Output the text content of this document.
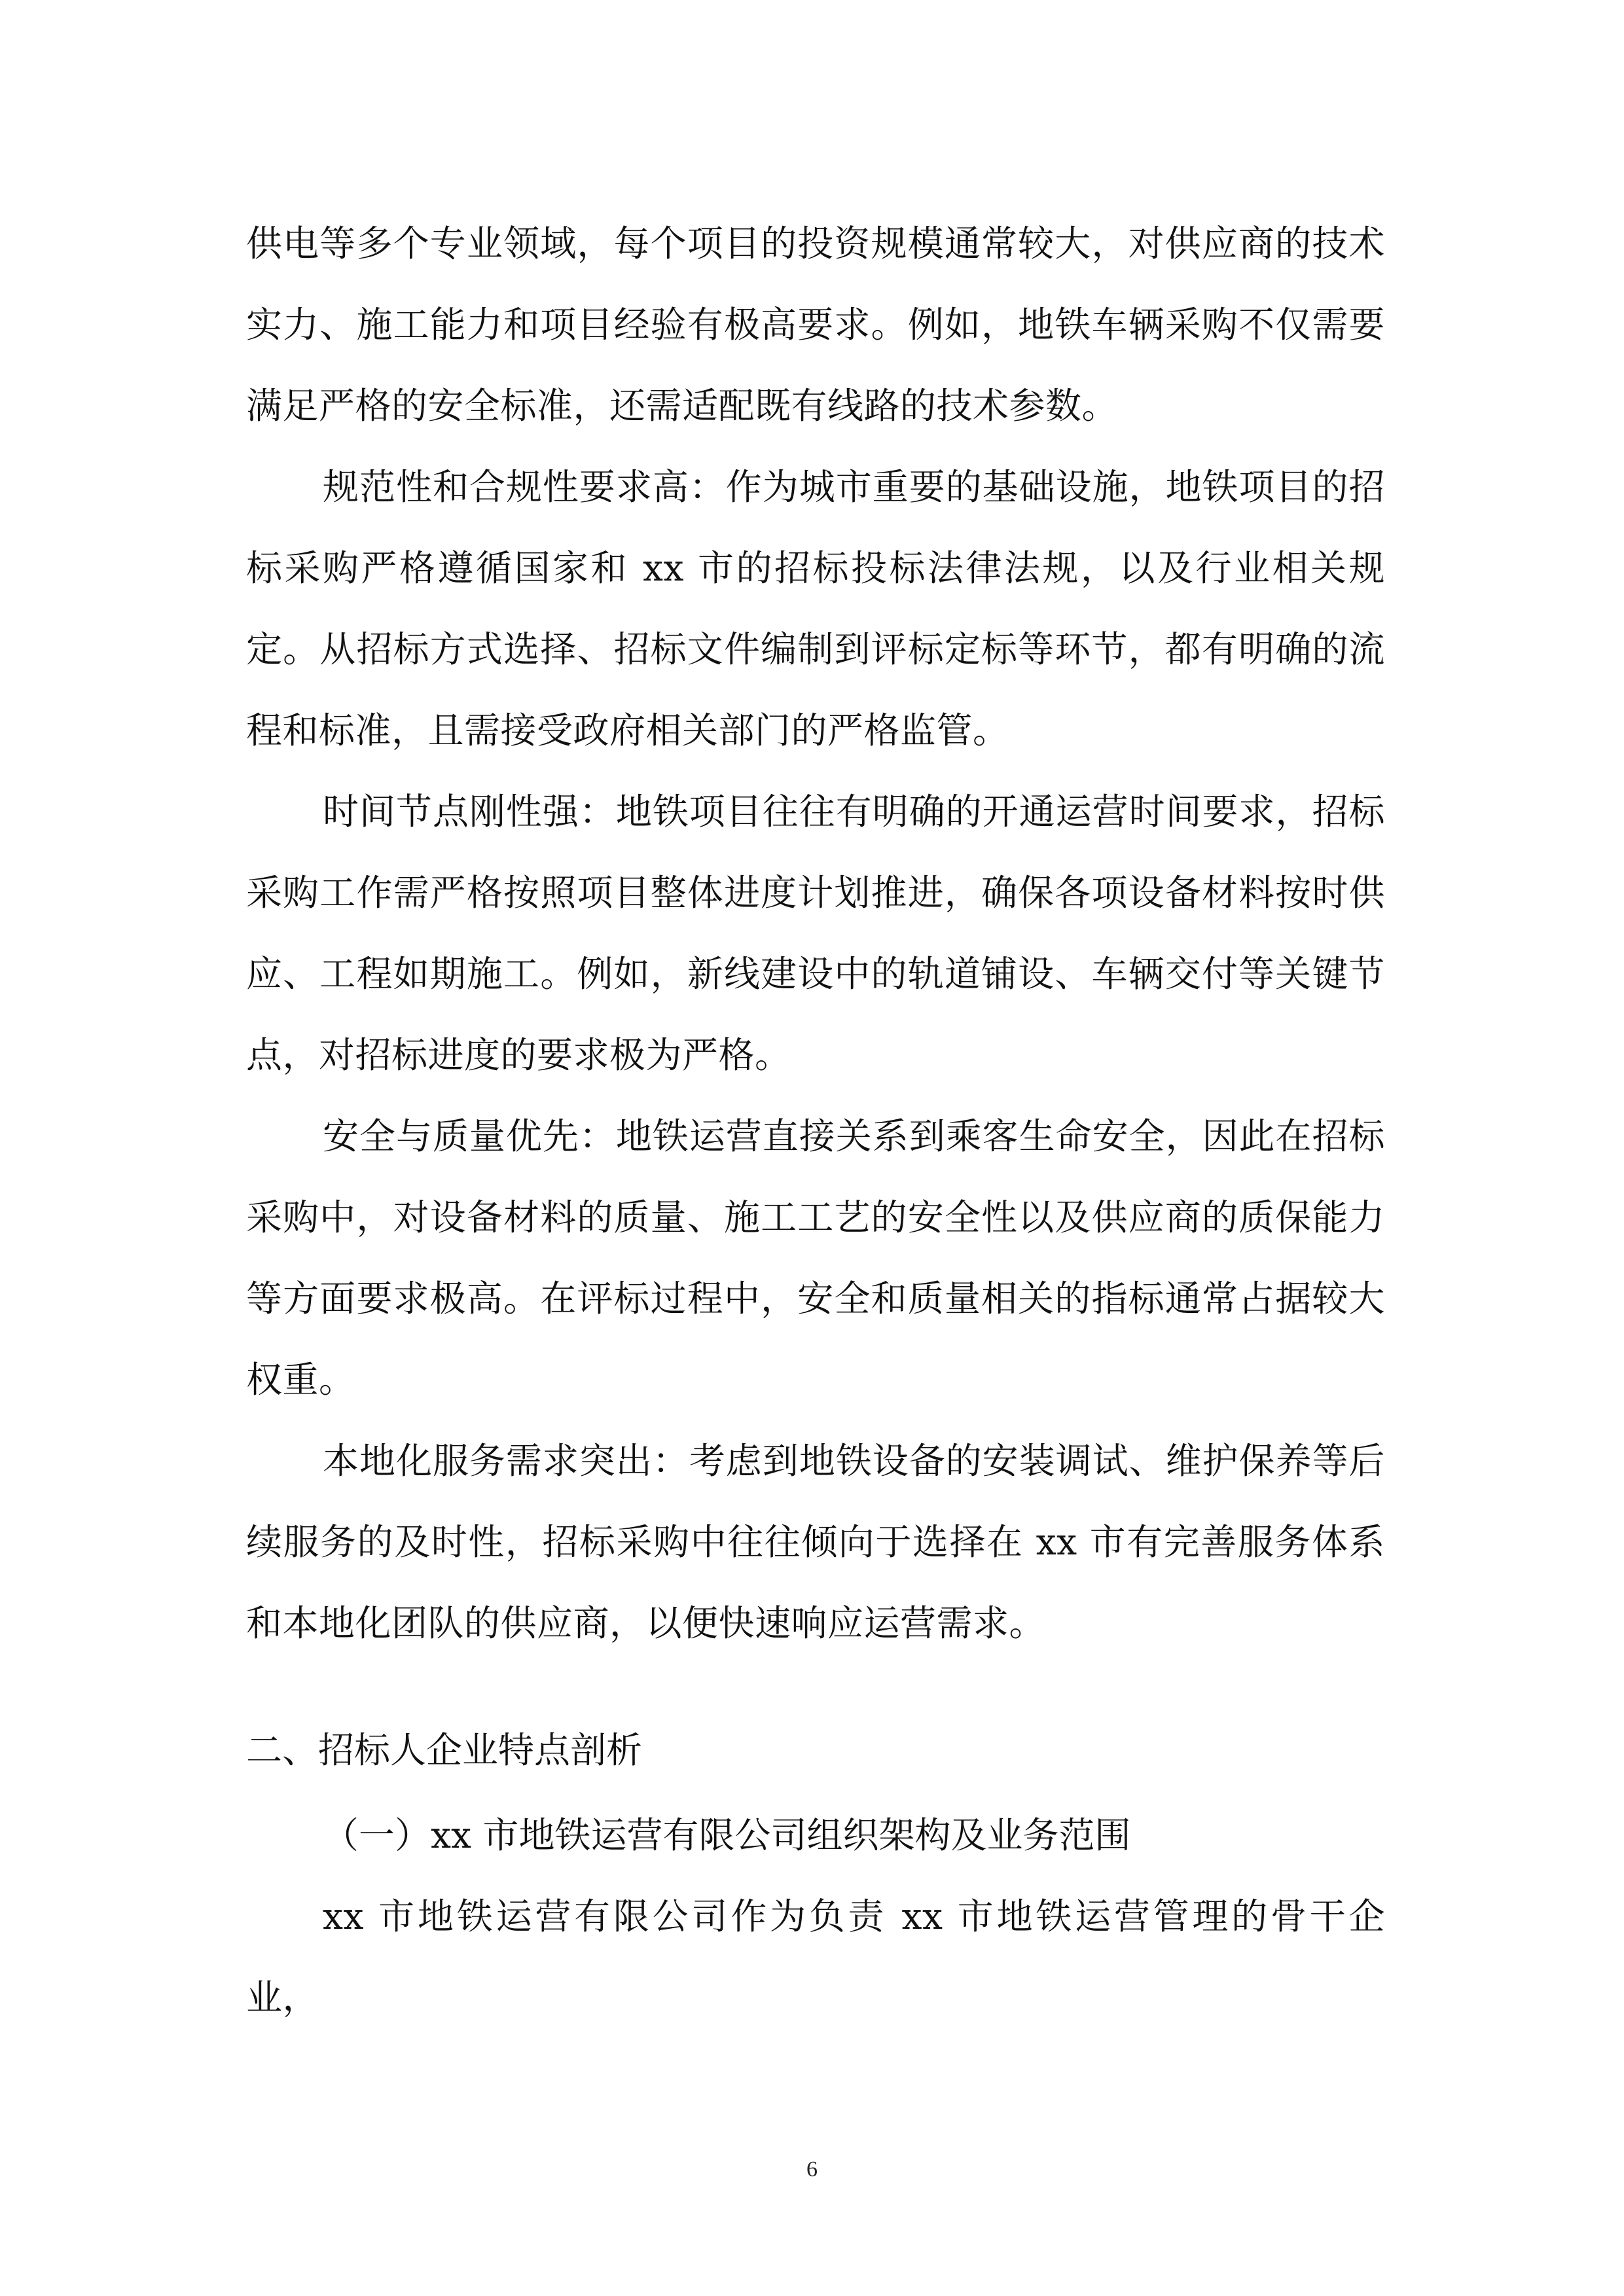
供电等多个专业领域，每个项目的投资规模通常较大，对供应商的技术实力、施工能力和项目经验有极高要求。例如，地铁车辆采购不仅需要满足严格的安全标准，还需适配既有线路的技术参数。

规范性和合规性要求高：作为城市重要的基础设施，地铁项目的招标采购严格遵循国家和 xx 市的招标投标法律法规，以及行业相关规定。从招标方式选择、招标文件编制到评标定标等环节，都有明确的流程和标准，且需接受政府相关部门的严格监管。

时间节点刚性强：地铁项目往往有明确的开通运营时间要求，招标采购工作需严格按照项目整体进度计划推进，确保各项设备材料按时供应、工程如期施工。例如，新线建设中的轨道铺设、车辆交付等关键节点，对招标进度的要求极为严格。

安全与质量优先：地铁运营直接关系到乘客生命安全，因此在招标采购中，对设备材料的质量、施工工艺的安全性以及供应商的质保能力等方面要求极高。在评标过程中，安全和质量相关的指标通常占据较大权重。

本地化服务需求突出：考虑到地铁设备的安装调试、维护保养等后续服务的及时性，招标采购中往往倾向于选择在 xx 市有完善服务体系和本地化团队的供应商，以便快速响应运营需求。

二、招标人企业特点剖析

（一）xx 市地铁运营有限公司组织架构及业务范围

xx 市地铁运营有限公司作为负责 xx 市地铁运营管理的骨干企业，

6
